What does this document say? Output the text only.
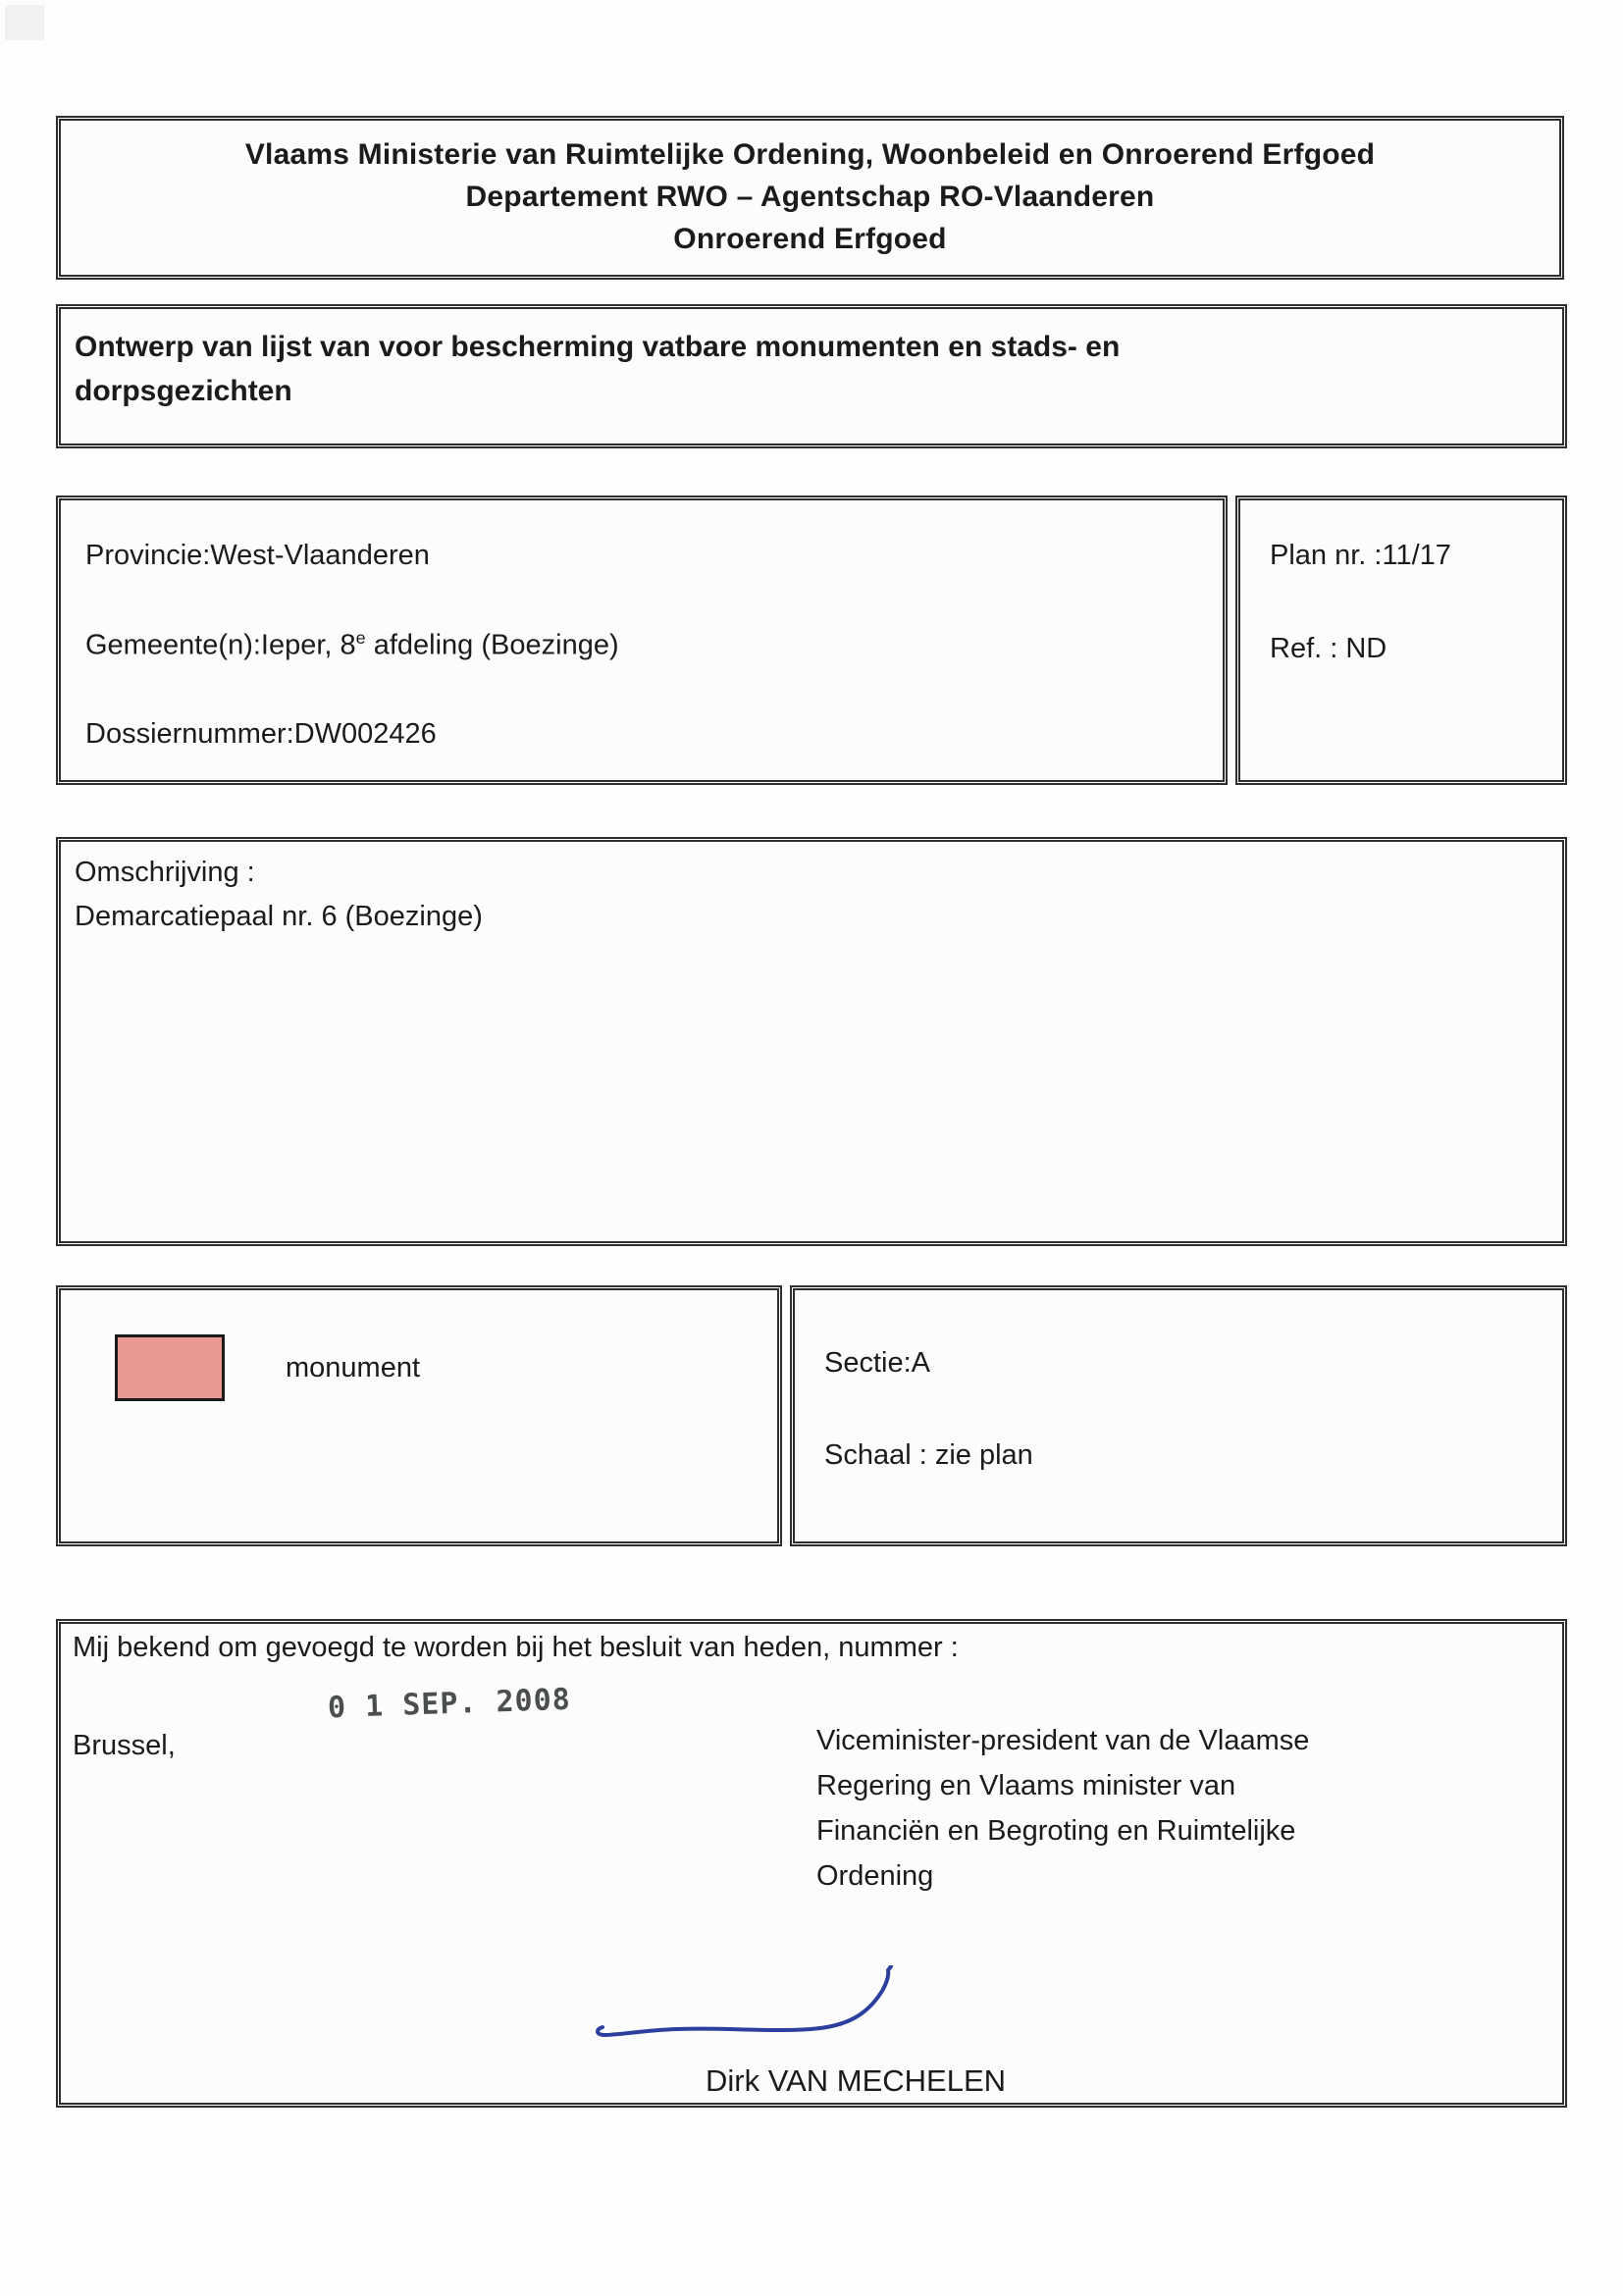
Vlaams Ministerie van Ruimtelijke Ordening, Woonbeleid en Onroerend Erfgoed
Departement RWO – Agentschap RO-Vlaanderen
Onroerend Erfgoed
Ontwerp van lijst van voor bescherming vatbare monumenten en stads- en dorpsgezichten
Provincie:West-Vlaanderen
Gemeente(n):Ieper, 8e afdeling (Boezinge)
Dossiernummer:DW002426
Plan nr. :11/17
Ref. : ND
Omschrijving :
Demarcatiepaal nr. 6 (Boezinge)
monument	Sectie:A
Schaal : zie plan
Mij bekend om gevoegd te worden bij het besluit van heden, nummer :
Brussel,
0 1 SEP. 2008
Viceminister-president van de Vlaamse
Regering en Vlaams minister van
Financiën en Begroting en Ruimtelijke
Ordening
Dirk VAN MECHELEN
